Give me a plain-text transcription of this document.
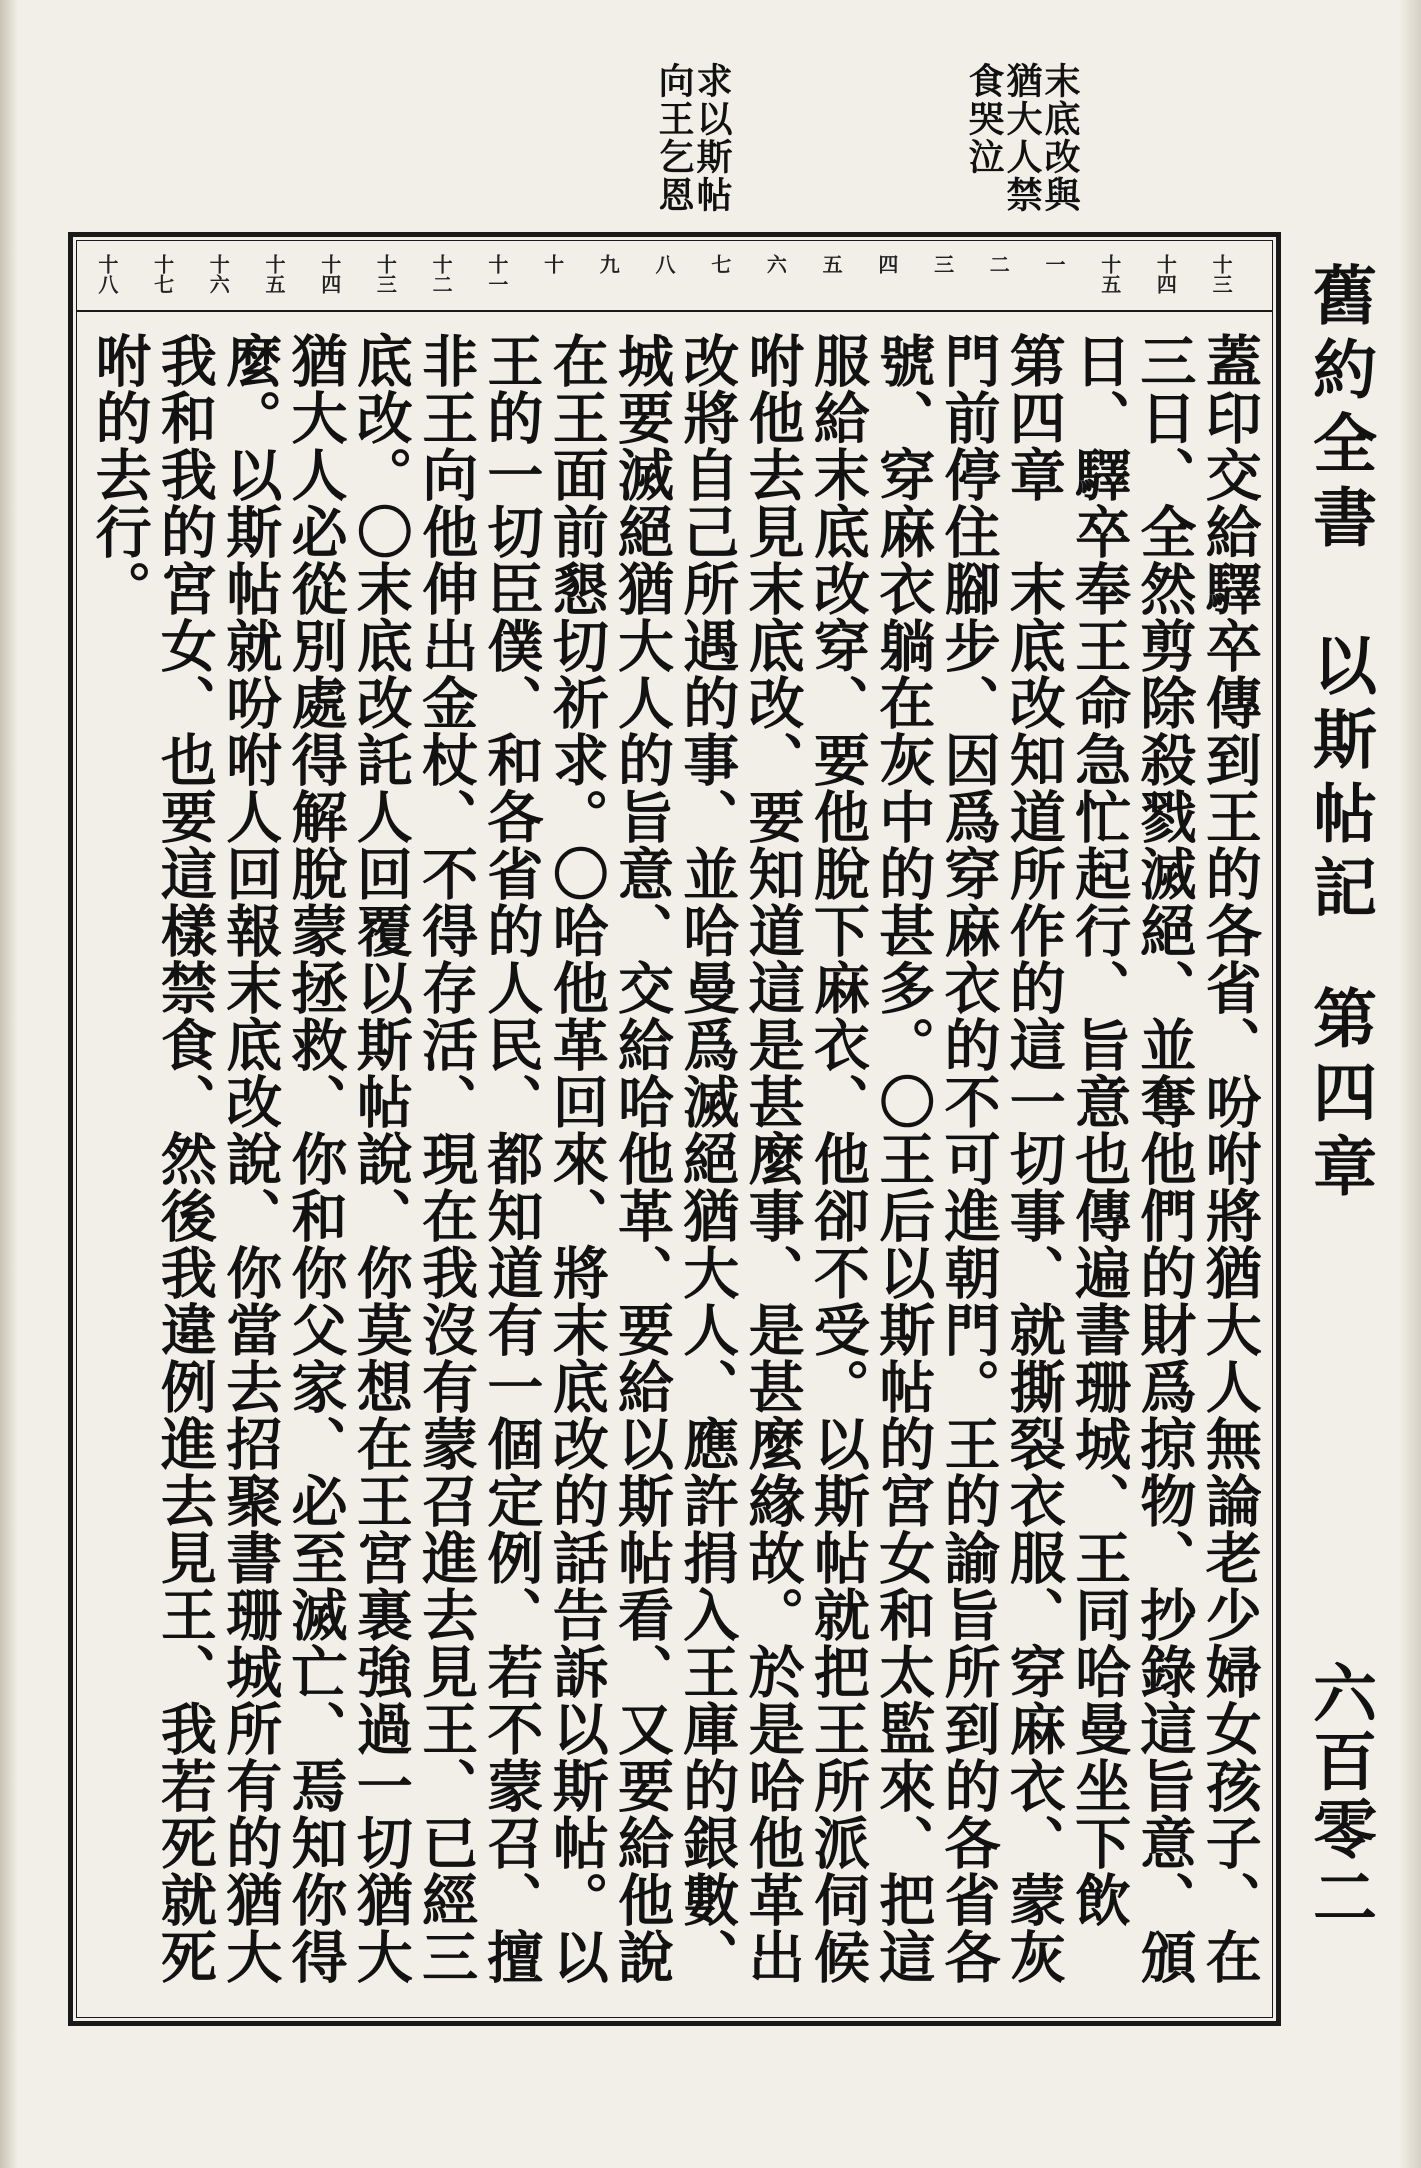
末底改與猶大人禁食哭泣
求以斯帖向王乞恩
十三
十四
十五
一
二
三
四
五
六
七
八
九
十
十一
十二
十三
十四
十五
十六
十七
十八
蓋印交給驛卒傳到王的各省、吩咐將猶大人無論老少婦女孩子、在
三日、全然剪除殺戮滅絕、並奪他們的財爲掠物、抄錄這旨意、頒
日、驛卒奉王命急忙起行、旨意也傳遍書珊城、王同哈曼坐下飲
第四章　末底改知道所作的這一切事、就撕裂衣服、穿麻衣、蒙灰
門前停住腳步、因爲穿麻衣的不可進朝門。王的諭旨所到的各省各
號、穿麻衣躺在灰中的甚多。〇王后以斯帖的宮女和太監來、把這
服給末底改穿、要他脫下麻衣、他卻不受。以斯帖就把王所派伺候
咐他去見末底改、要知道這是甚麼事、是甚麼緣故。於是哈他革出
改將自己所遇的事、並哈曼爲滅絕猶大人、應許捐入王庫的銀數、
城要滅絕猶大人的旨意、交給哈他革、要給以斯帖看、又要給他說
在王面前懇切祈求。〇哈他革回來、將末底改的話告訴以斯帖。以
王的一切臣僕、和各省的人民、都知道有一個定例、若不蒙召、擅
非王向他伸出金杖、不得存活、現在我沒有蒙召進去見王、已經三
底改。〇末底改託人回覆以斯帖說、你莫想在王宮裏強過一切猶大
猶大人必從別處得解脫蒙拯救、你和你父家、必至滅亡、焉知你得
麼。以斯帖就吩咐人回報末底改說、你當去招聚書珊城所有的猶大
我和我的宮女、也要這樣禁食、然後我違例進去見王、我若死就死
咐的去行。	舊約全書　以斯帖記
第四章
六百零二
